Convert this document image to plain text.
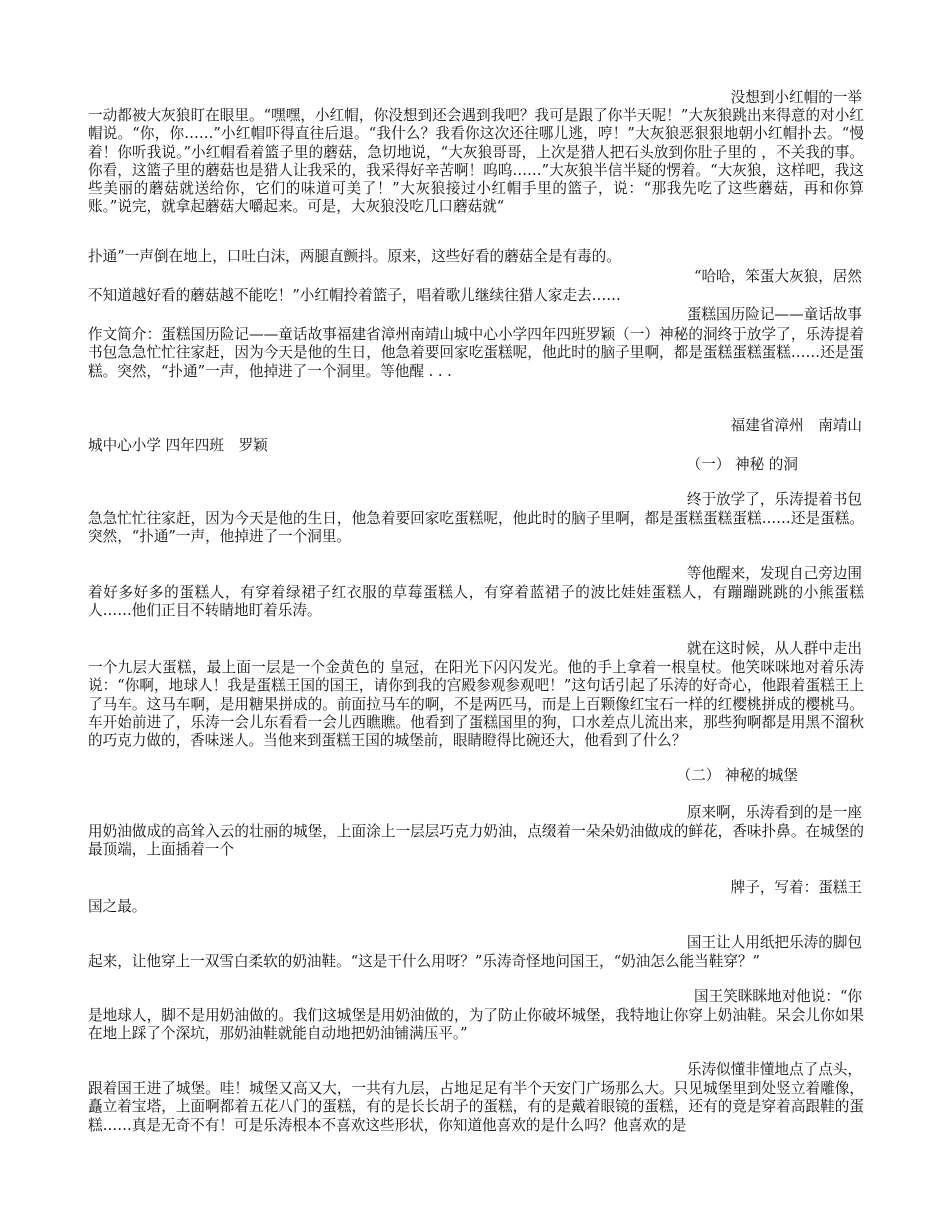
没想到小红帽的一举

一动都被大灰狼盯在眼里。“嘿嘿，小红帽，你没想到还会遇到我吧？我可是跟了你半天呢！”大灰狼跳出来得意的对小红帽说。“你，你……”小红帽吓得直往后退。“我什么？我看你这次还往哪儿逃，哼！”大灰狼恶狠狠地朝小红帽扑去。“慢着！你听我说。”小红帽看着篮子里的蘑菇，急切地说，“大灰狼哥哥，上次是猎人把石头放到你肚子里的 ，不关我的事。你看，这篮子里的蘑菇也是猎人让我采的，我采得好辛苦啊！呜呜……”大灰狼半信半疑的愣着。“大灰狼，这样吧，我这些美丽的蘑菇就送给你，它们的味道可美了！”大灰狼接过小红帽手里的篮子，说：“那我先吃了这些蘑菇，再和你算账。”说完，就拿起蘑菇大嚼起来。可是，大灰狼没吃几口蘑菇就“

扑通”一声倒在地上，口吐白沫，两腿直颤抖。原来，这些好看的蘑菇全是有毒的。

“哈哈，笨蛋大灰狼，居然

不知道越好看的蘑菇越不能吃！”小红帽拎着篮子，唱着歌儿继续往猎人家走去……

蛋糕国历险记——童话故事

作文简介：蛋糕国历险记——童话故事福建省漳州南靖山城中心小学四年四班罗颖（一）神秘的洞终于放学了，乐涛提着书包急急忙忙往家赶，因为今天是他的生日，他急着要回家吃蛋糕呢，他此时的脑子里啊，都是蛋糕蛋糕蛋糕……还是蛋糕。突然，“扑通”一声，他掉进了一个洞里。等他醒 . . .

福建省漳州　南靖山

城中心小学 四年四班　罗颖

（一） 神秘 的洞

终于放学了，乐涛提着书包

急急忙忙往家赶，因为今天是他的生日，他急着要回家吃蛋糕呢，他此时的脑子里啊，都是蛋糕蛋糕蛋糕……还是蛋糕。突然，“扑通”一声，他掉进了一个洞里。

等他醒来，发现自己旁边围

着好多好多的蛋糕人，有穿着绿裙子红衣服的草莓蛋糕人，有穿着蓝裙子的波比娃娃蛋糕人，有蹦蹦跳跳的小熊蛋糕人……他们正目不转睛地盯着乐涛。

就在这时候，从人群中走出

一个九层大蛋糕，最上面一层是一个金黄色的 皇冠，在阳光下闪闪发光。他的手上拿着一根皇杖。他笑咪咪地对着乐涛说：“你啊，地球人！我是蛋糕王国的国王，请你到我的宫殿参观参观吧！”这句话引起了乐涛的好奇心，他跟着蛋糕王上了马车。这马车啊，是用糖果拼成的。前面拉马车的啊，不是两匹马，而是上百颗像红宝石一样的红樱桃拼成的樱桃马。车开始前进了，乐涛一会儿东看看一会儿西瞧瞧。他看到了蛋糕国里的狗，口水差点儿流出来，那些狗啊都是用黑不溜秋的巧克力做的，香味迷人。当他来到蛋糕王国的城堡前，眼睛瞪得比碗还大，他看到了什么？

（二） 神秘的城堡

原来啊，乐涛看到的是一座

用奶油做成的高耸入云的壮丽的城堡，上面涂上一层层巧克力奶油，点缀着一朵朵奶油做成的鲜花，香味扑鼻。在城堡的最顶端，上面插着一个

牌子，写着：蛋糕王

国之最。

国王让人用纸把乐涛的脚包

起来，让他穿上一双雪白柔软的奶油鞋。“这是干什么用呀？”乐涛奇怪地问国王，“奶油怎么能当鞋穿？”

国王笑眯眯地对他说：“你

是地球人，脚不是用奶油做的。我们这城堡是用奶油做的，为了防止你破坏城堡，我特地让你穿上奶油鞋。呆会儿你如果在地上踩了个深坑，那奶油鞋就能自动地把奶油铺满压平。”

乐涛似懂非懂地点了点头，

跟着国王进了城堡。哇！城堡又高又大，一共有九层，占地足足有半个天安门广场那么大。只见城堡里到处竖立着雕像，矗立着宝塔，上面啊都着五花八门的蛋糕，有的是长长胡子的蛋糕，有的是戴着眼镜的蛋糕，还有的竟是穿着高跟鞋的蛋糕……真是无奇不有！可是乐涛根本不喜欢这些形状，你知道他喜欢的是什么吗？他喜欢的是
